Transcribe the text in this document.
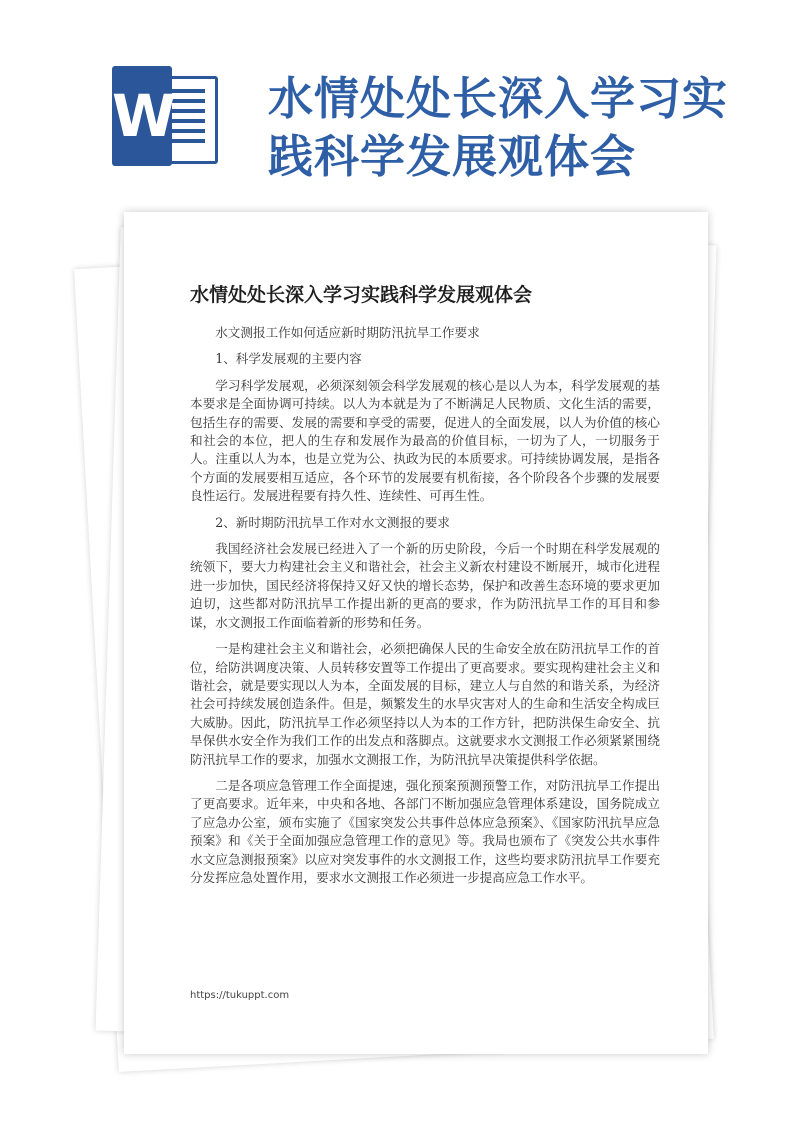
W 水情处处长深入学习实
践科学发展观体会
水情处处长深入学习实践科学发展观体会

水文测报工作如何适应新时期防汛抗旱工作要求

1、科学发展观的主要内容

学习科学发展观，必须深刻领会科学发展观的核心是以人为本，科学发展观的基本要求是全面协调可持续。以人为本就是为了不断满足人民物质、文化生活的需要，包括生存的需要、发展的需要和享受的需要，促进人的全面发展，以人为价值的核心和社会的本位，把人的生存和发展作为最高的价值目标，一切为了人，一切服务于人。注重以人为本，也是立党为公、执政为民的本质要求。可持续协调发展，是指各个方面的发展要相互适应，各个环节的发展要有机衔接，各个阶段各个步骤的发展要良性运行。发展进程要有持久性、连续性、可再生性。

2、新时期防汛抗旱工作对水文测报的要求

我国经济社会发展已经进入了一个新的历史阶段，今后一个时期在科学发展观的统领下，要大力构建社会主义和谐社会，社会主义新农村建设不断展开，城市化进程进一步加快，国民经济将保持又好又快的增长态势，保护和改善生态环境的要求更加迫切，这些都对防汛抗旱工作提出新的更高的要求，作为防汛抗旱工作的耳目和参谋，水文测报工作面临着新的形势和任务。

一是构建社会主义和谐社会，必须把确保人民的生命安全放在防汛抗旱工作的首位，给防洪调度决策、人员转移安置等工作提出了更高要求。要实现构建社会主义和谐社会，就是要实现以人为本，全面发展的目标，建立人与自然的和谐关系，为经济社会可持续发展创造条件。但是，频繁发生的水旱灾害对人的生命和生活安全构成巨大威胁。因此，防汛抗旱工作必须坚持以人为本的工作方针，把防洪保生命安全、抗旱保供水安全作为我们工作的出发点和落脚点。这就要求水文测报工作必须紧紧围绕防汛抗旱工作的要求，加强水文测报工作，为防汛抗旱决策提供科学依据。

二是各项应急管理工作全面提速，强化预案预测预警工作，对防汛抗旱工作提出了更高要求。近年来，中央和各地、各部门不断加强应急管理体系建设，国务院成立了应急办公室，颁布实施了《国家突发公共事件总体应急预案》、《国家防汛抗旱应急预案》和《关于全面加强应急管理工作的意见》等。我局也颁布了《突发公共水事件水文应急测报预案》以应对突发事件的水文测报工作，这些均要求防汛抗旱工作要充分发挥应急处置作用，要求水文测报工作必须进一步提高应急工作水平。

https://tukuppt.com
